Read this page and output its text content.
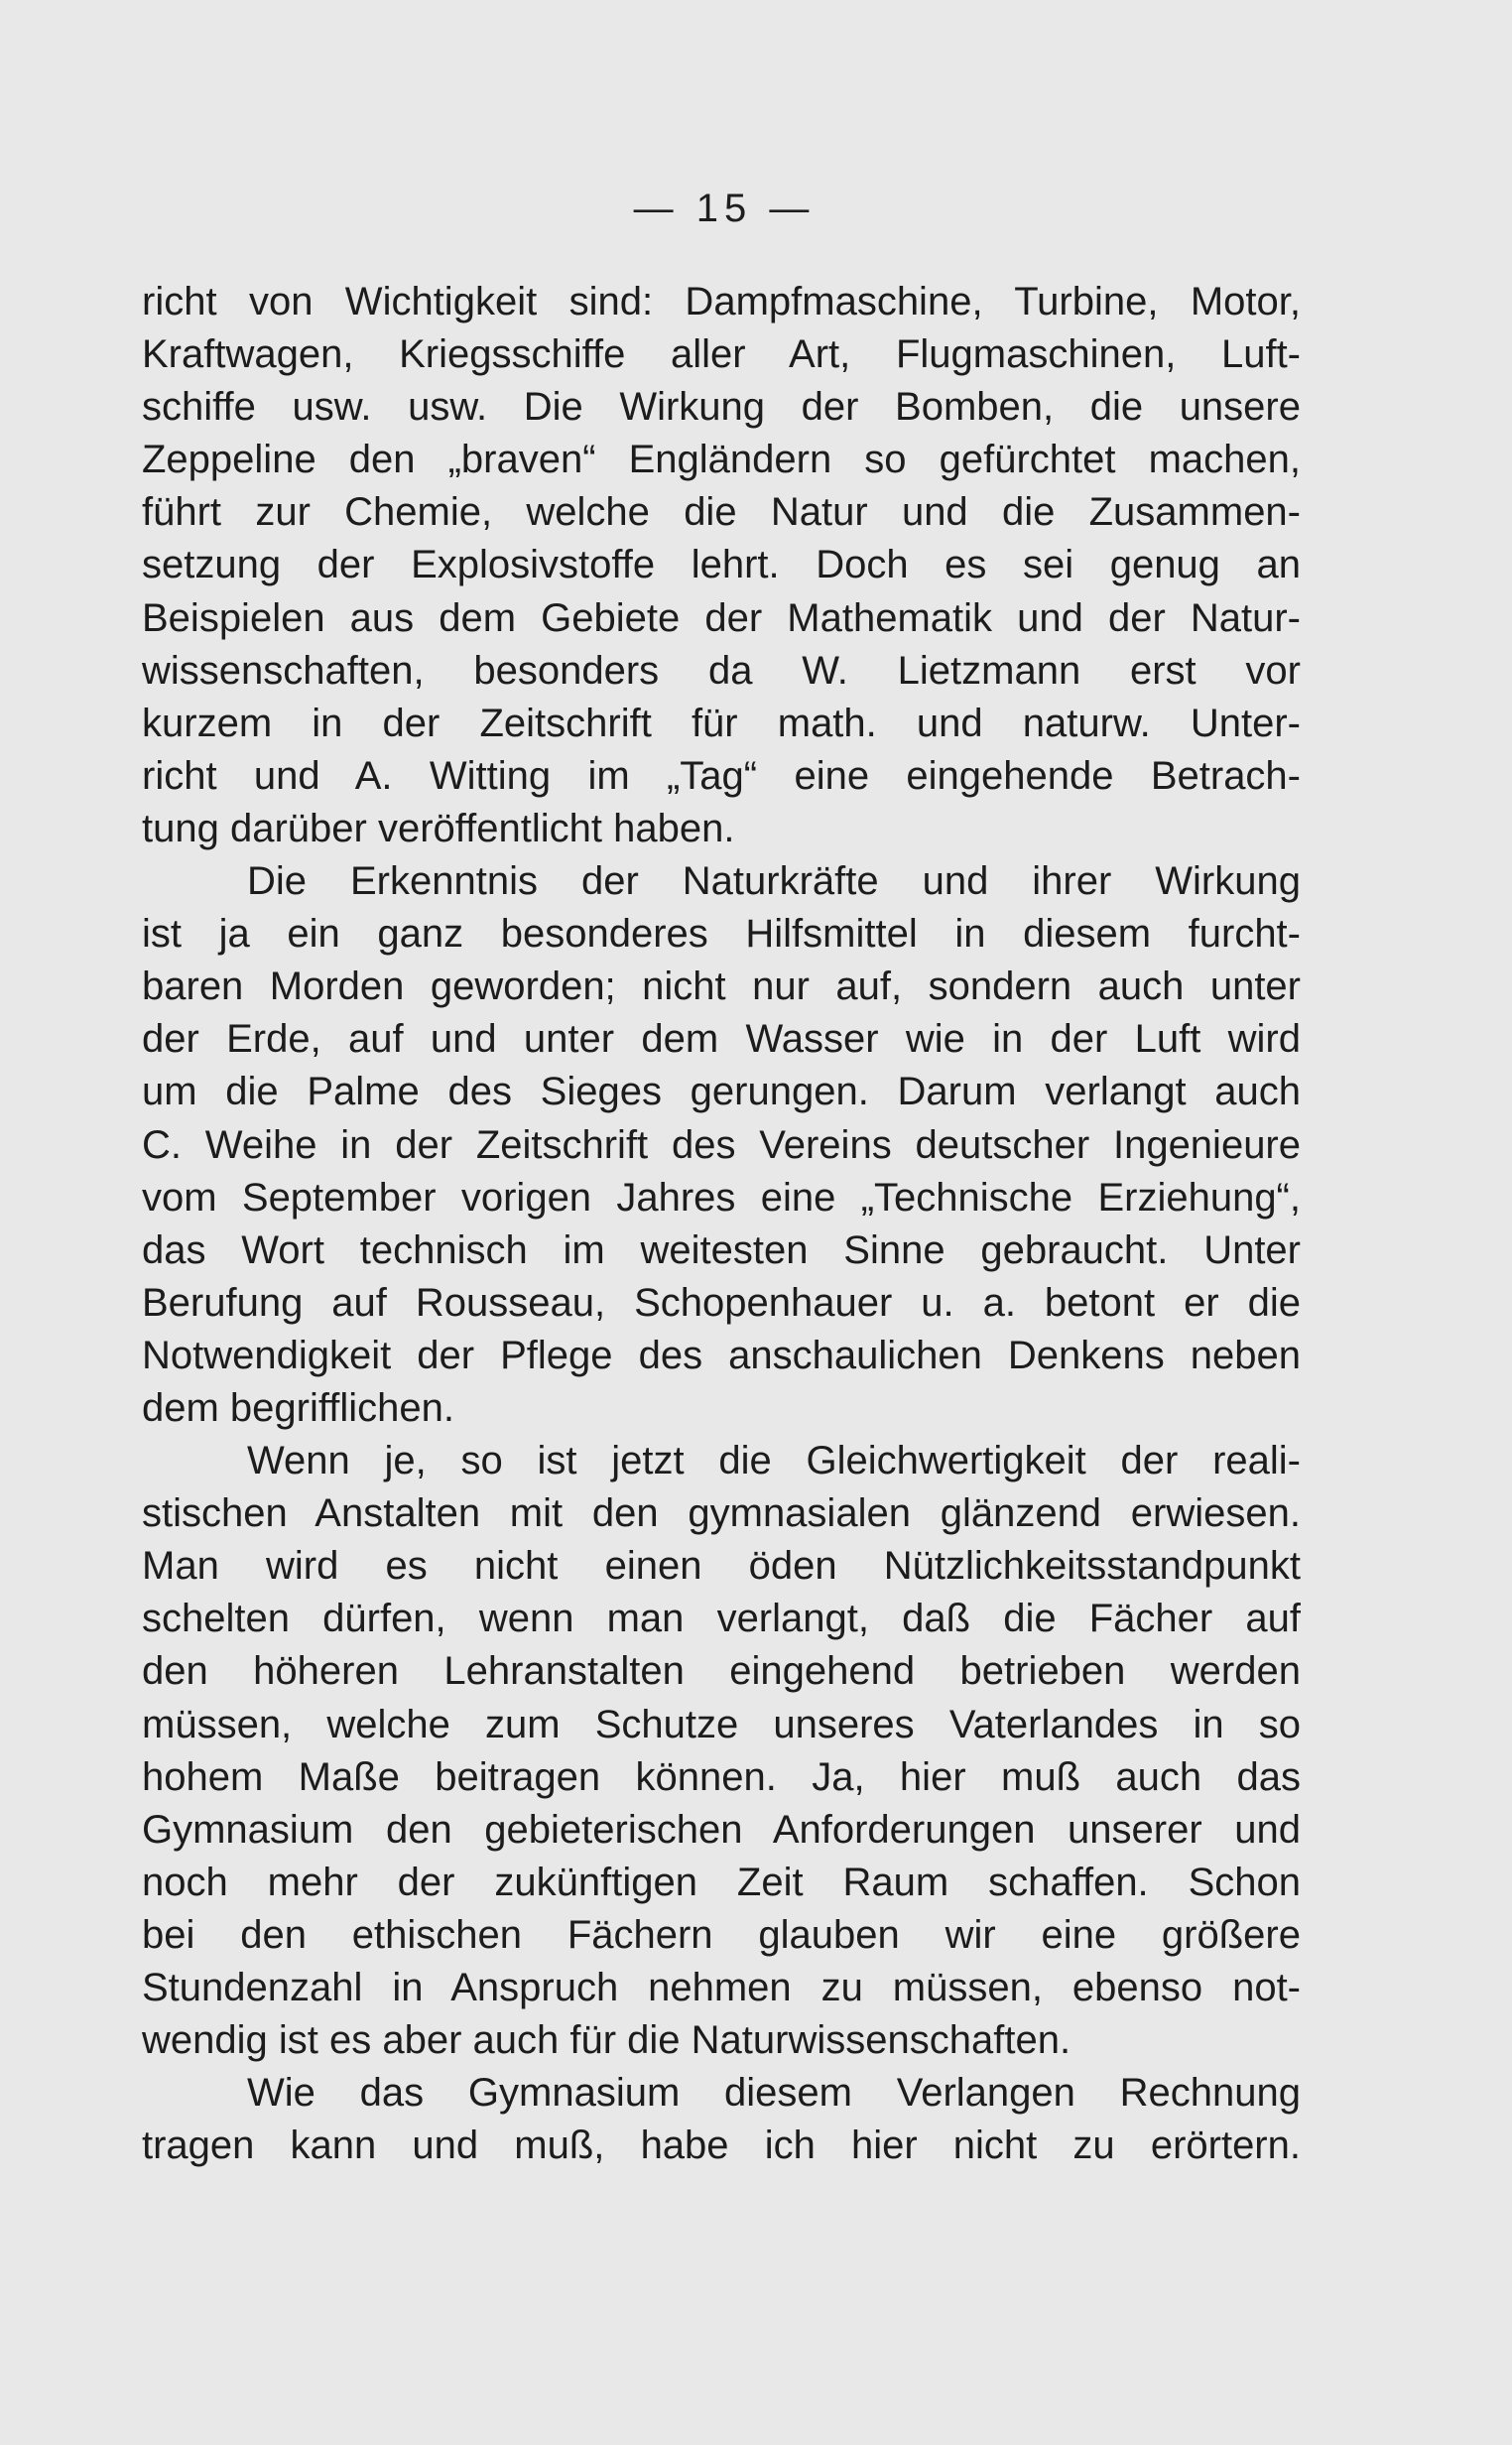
— 15 —
richt von Wichtigkeit sind: Dampfmaschine, Turbine, Motor,
Kraftwagen, Kriegsschiffe aller Art, Flugmaschinen, Luft-
schiffe usw. usw. Die Wirkung der Bomben, die unsere
Zeppeline den „braven“ Engländern so gefürchtet machen,
führt zur Chemie, welche die Natur und die Zusammen-
setzung der Explosivstoffe lehrt. Doch es sei genug an
Beispielen aus dem Gebiete der Mathematik und der Natur-
wissenschaften, besonders da W. Lietzmann erst vor
kurzem in der Zeitschrift für math. und naturw. Unter-
richt und A. Witting im „Tag“ eine eingehende Betrach-
tung darüber veröffentlicht haben.
Die Erkenntnis der Naturkräfte und ihrer Wirkung
ist ja ein ganz besonderes Hilfsmittel in diesem furcht-
baren Morden geworden; nicht nur auf, sondern auch unter
der Erde, auf und unter dem Wasser wie in der Luft wird
um die Palme des Sieges gerungen. Darum verlangt auch
C. Weihe in der Zeitschrift des Vereins deutscher Ingenieure
vom September vorigen Jahres eine „Technische Erziehung“,
das Wort technisch im weitesten Sinne gebraucht. Unter
Berufung auf Rousseau, Schopenhauer u. a. betont er die
Notwendigkeit der Pflege des anschaulichen Denkens neben
dem begrifflichen.
Wenn je, so ist jetzt die Gleichwertigkeit der reali-
stischen Anstalten mit den gymnasialen glänzend erwiesen.
Man wird es nicht einen öden Nützlichkeitsstandpunkt
schelten dürfen, wenn man verlangt, daß die Fächer auf
den höheren Lehranstalten eingehend betrieben werden
müssen, welche zum Schutze unseres Vaterlandes in so
hohem Maße beitragen können. Ja, hier muß auch das
Gymnasium den gebieterischen Anforderungen unserer und
noch mehr der zukünftigen Zeit Raum schaffen. Schon
bei den ethischen Fächern glauben wir eine größere
Stundenzahl in Anspruch nehmen zu müssen, ebenso not-
wendig ist es aber auch für die Naturwissenschaften.
Wie das Gymnasium diesem Verlangen Rechnung
tragen kann und muß, habe ich hier nicht zu erörtern.
